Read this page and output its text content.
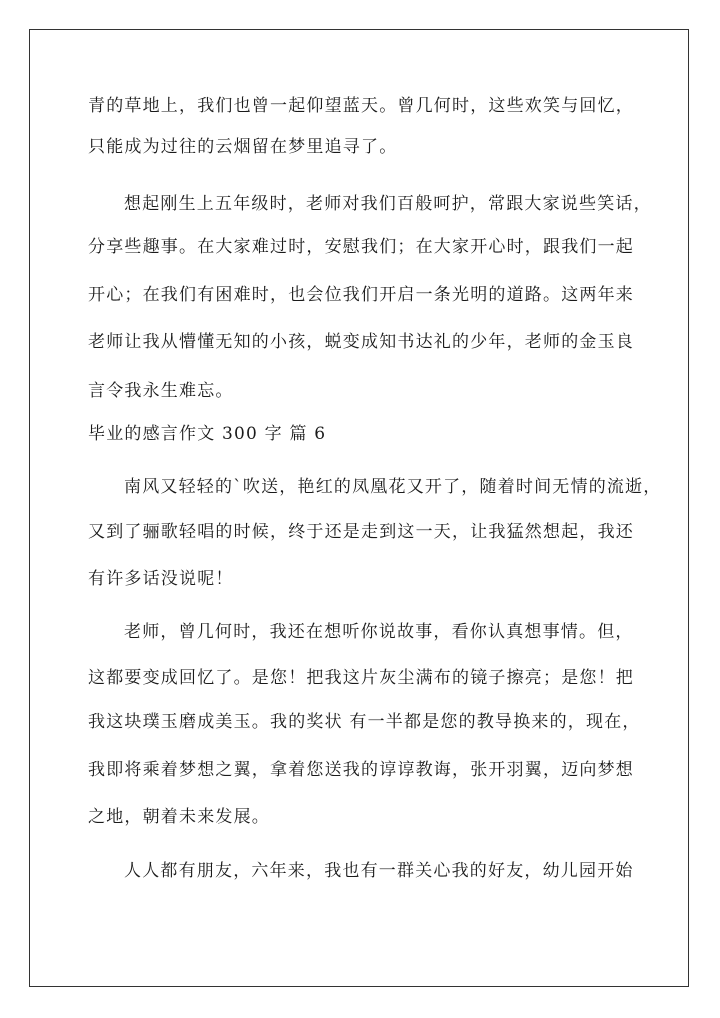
青的草地上，我们也曾一起仰望蓝天。曾几何时，这些欢笑与回忆，
只能成为过往的云烟留在梦里追寻了。
想起刚生上五年级时，老师对我们百般呵护，常跟大家说些笑话，
分享些趣事。在大家难过时，安慰我们；在大家开心时，跟我们一起
开心；在我们有困难时，也会位我们开启一条光明的道路。这两年来
老师让我从懵懂无知的小孩，蜕变成知书达礼的少年，老师的金玉良
言令我永生难忘。
毕业的感言作文 300 字 篇 6
南风又轻轻的`吹送，艳红的凤凰花又开了，随着时间无情的流逝，
又到了骊歌轻唱的时候，终于还是走到这一天，让我猛然想起，我还
有许多话没说呢！
老师，曾几何时，我还在想听你说故事，看你认真想事情。但，
这都要变成回忆了。是您！把我这片灰尘满布的镜子擦亮；是您！把
我这块璞玉磨成美玉。我的奖状 有一半都是您的教导换来的，现在，
我即将乘着梦想之翼，拿着您送我的谆谆教诲，张开羽翼，迈向梦想
之地，朝着未来发展。
人人都有朋友，六年来，我也有一群关心我的好友，幼儿园开始
